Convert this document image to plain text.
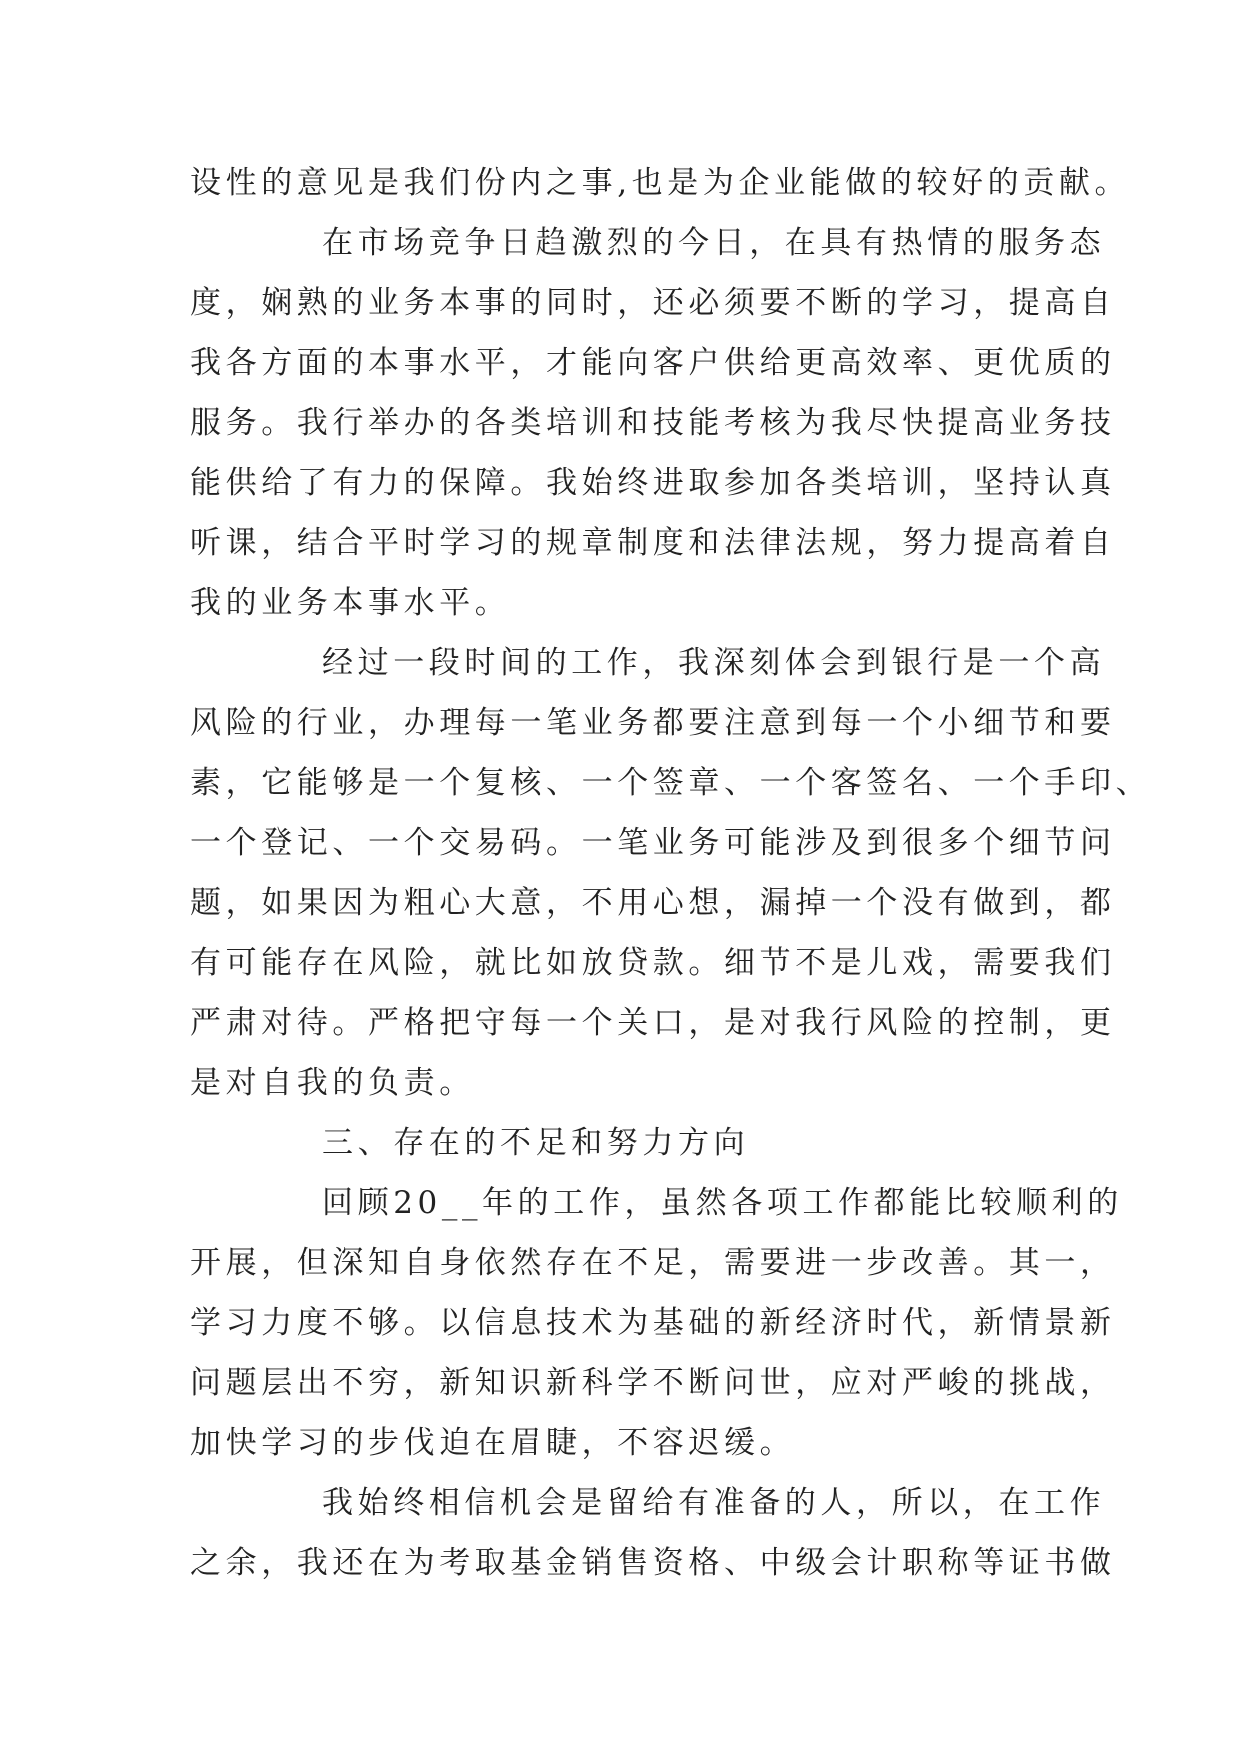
设性的意见是我们份内之事,也是为企业能做的较好的贡献。
在市场竞争日趋激烈的今日，在具有热情的服务态
度，娴熟的业务本事的同时，还必须要不断的学习，提高自
我各方面的本事水平，才能向客户供给更高效率、更优质的
服务。我行举办的各类培训和技能考核为我尽快提高业务技
能供给了有力的保障。我始终进取参加各类培训，坚持认真
听课，结合平时学习的规章制度和法律法规，努力提高着自
我的业务本事水平。
经过一段时间的工作，我深刻体会到银行是一个高
风险的行业，办理每一笔业务都要注意到每一个小细节和要
素，它能够是一个复核、一个签章、一个客签名、一个手印、
一个登记、一个交易码。一笔业务可能涉及到很多个细节问
题，如果因为粗心大意，不用心想，漏掉一个没有做到，都
有可能存在风险，就比如放贷款。细节不是儿戏，需要我们
严肃对待。严格把守每一个关口，是对我行风险的控制，更
是对自我的负责。
三、存在的不足和努力方向
回顾20__年的工作，虽然各项工作都能比较顺利的
开展，但深知自身依然存在不足，需要进一步改善。其一，
学习力度不够。以信息技术为基础的新经济时代，新情景新
问题层出不穷，新知识新科学不断问世，应对严峻的挑战，
加快学习的步伐迫在眉睫，不容迟缓。
我始终相信机会是留给有准备的人，所以，在工作
之余，我还在为考取基金销售资格、中级会计职称等证书做
